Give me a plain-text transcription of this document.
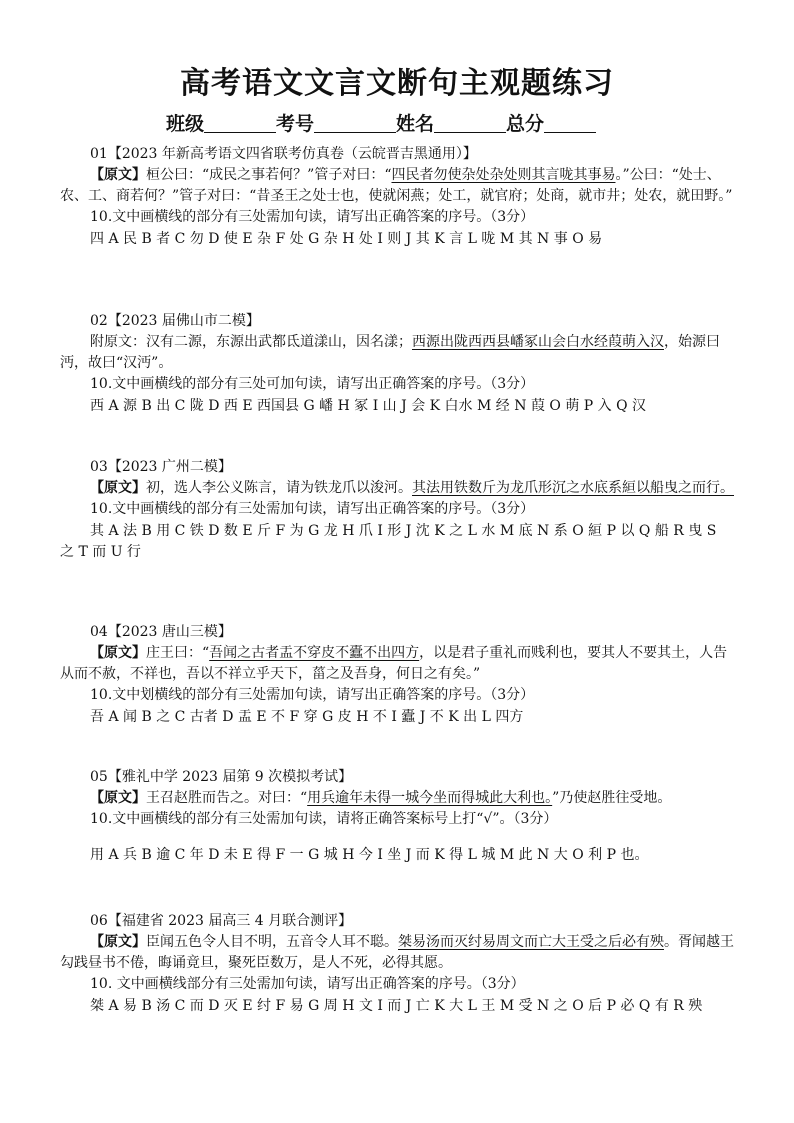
高考语文文言文断句主观题练习
班级	考号	姓名	总分

01【2023 年新高考语文四省联考仿真卷（云皖晋吉黑通用）】

【原文】桓公曰：“成民之事若何？”管子对曰：“四民者勿使杂处杂处则其言咙其事易。”公曰：“处士、农、工、商若何？”管子对曰：“昔圣王之处士也，使就闲燕；处工，就官府；处商，就市井；处农，就田野。”

10.文中画横线的部分有三处需加句读，请写出正确答案的序号。（3分）

四 A 民 B 者 C 勿 D 使 E 杂 F 处 G 杂 H 处 I 则 J 其 K 言 L 咙 M 其 N 事 O 易

02【2023 届佛山市二模】

附原文：汉有二源，东源出武都氐道漾山，因名漾；西源出陇西西县嶓冢山会白水经葭萌入汉，始源曰沔，故曰“汉沔”。

10.文中画横线的部分有三处可加句读，请写出正确答案的序号。（3分）

西 A 源 B 出 C 陇 D 西 E 西国县 G 嶓 H 冢 I 山 J 会 K 白水 M 经 N 葭 O 萌 P 入 Q 汉

03【2023 广州二模】

【原文】初，选人李公义陈言，请为铁龙爪以浚河。其法用铁数斤为龙爪形沉之水底系絙以船曳之而行。

10.文中画横线的部分有三处需加句读，请写出正确答案的序号。（3分）

其 A 法 B 用 C 铁 D 数 E 斤 F 为 G 龙 H 爪 I 形 J 沈 K 之 L 水 M 底 N 系 O 絙 P 以 Q 船 R 曳 S 之 T 而 U 行

04【2023 唐山三模】

【原文】庄王曰：“吾闻之古者盂不穿皮不蠹不出四方，以是君子重礼而贱利也，要其人不要其土，人告从而不赦，不祥也，吾以不祥立乎天下，菑之及吾身，何日之有矣。”

10.文中划横线的部分有三处需加句读，请写出正确答案的序号。（3分）

吾 A 闻 B 之 C 古者 D 盂 E 不 F 穿 G 皮 H 不 I 蠹 J 不 K 出 L 四方

05【雅礼中学 2023 届第 9 次模拟考试】

【原文】王召赵胜而告之。对曰：“用兵逾年未得一城今坐而得城此大利也。”乃使赵胜往受地。

10.文中画横线的部分有三处需加句读，请将正确答案标号上打“√”。（3分）

用 A 兵 B 逾 C 年 D 未 E 得 F 一 G 城 H 今 I 坐 J 而 K 得 L 城 M 此 N 大 O 利 P 也。

06【福建省 2023 届高三 4 月联合测评】

【原文】臣闻五色令人目不明，五音令人耳不聪。桀易汤而灭纣易周文而亡大王受之后必有殃。胥闻越王勾践昼书不倦，晦诵竟旦，聚死臣数万，是人不死，必得其愿。

10. 文中画横线部分有三处需加句读，请写出正确答案的序号。（3分）

桀 A 易 B 汤 C 而 D 灭 E 纣 F 易 G 周 H 文 I 而 J 亡 K 大 L 王 M 受 N 之 O 后 P 必 Q 有 R 殃
